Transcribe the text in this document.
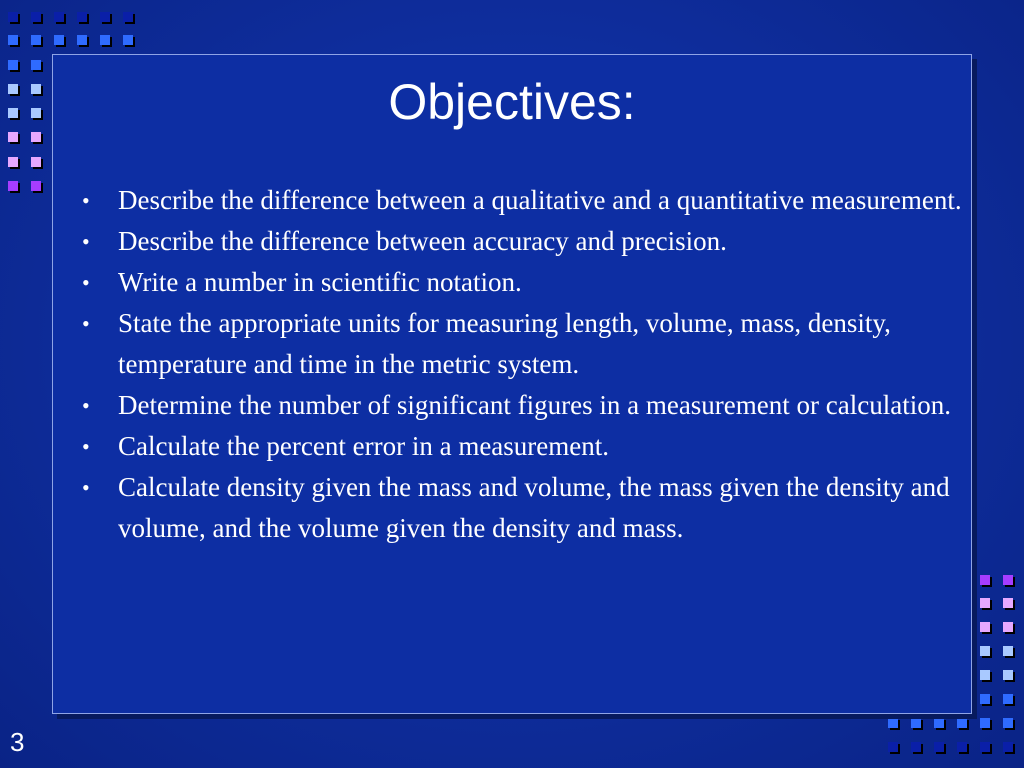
Objectives:
• Describe the difference between a qualitative and a quantitative measurement.
• Describe the difference between accuracy and precision.
• Write a number in scientific notation.
• State the appropriate units for measuring length, volume, mass, density, temperature and time in the metric system.
• Determine the number of significant figures in a measurement or calculation.
• Calculate the percent error in a measurement.
• Calculate density given the mass and volume, the mass given the density and volume, and the volume given the density and mass.
3
